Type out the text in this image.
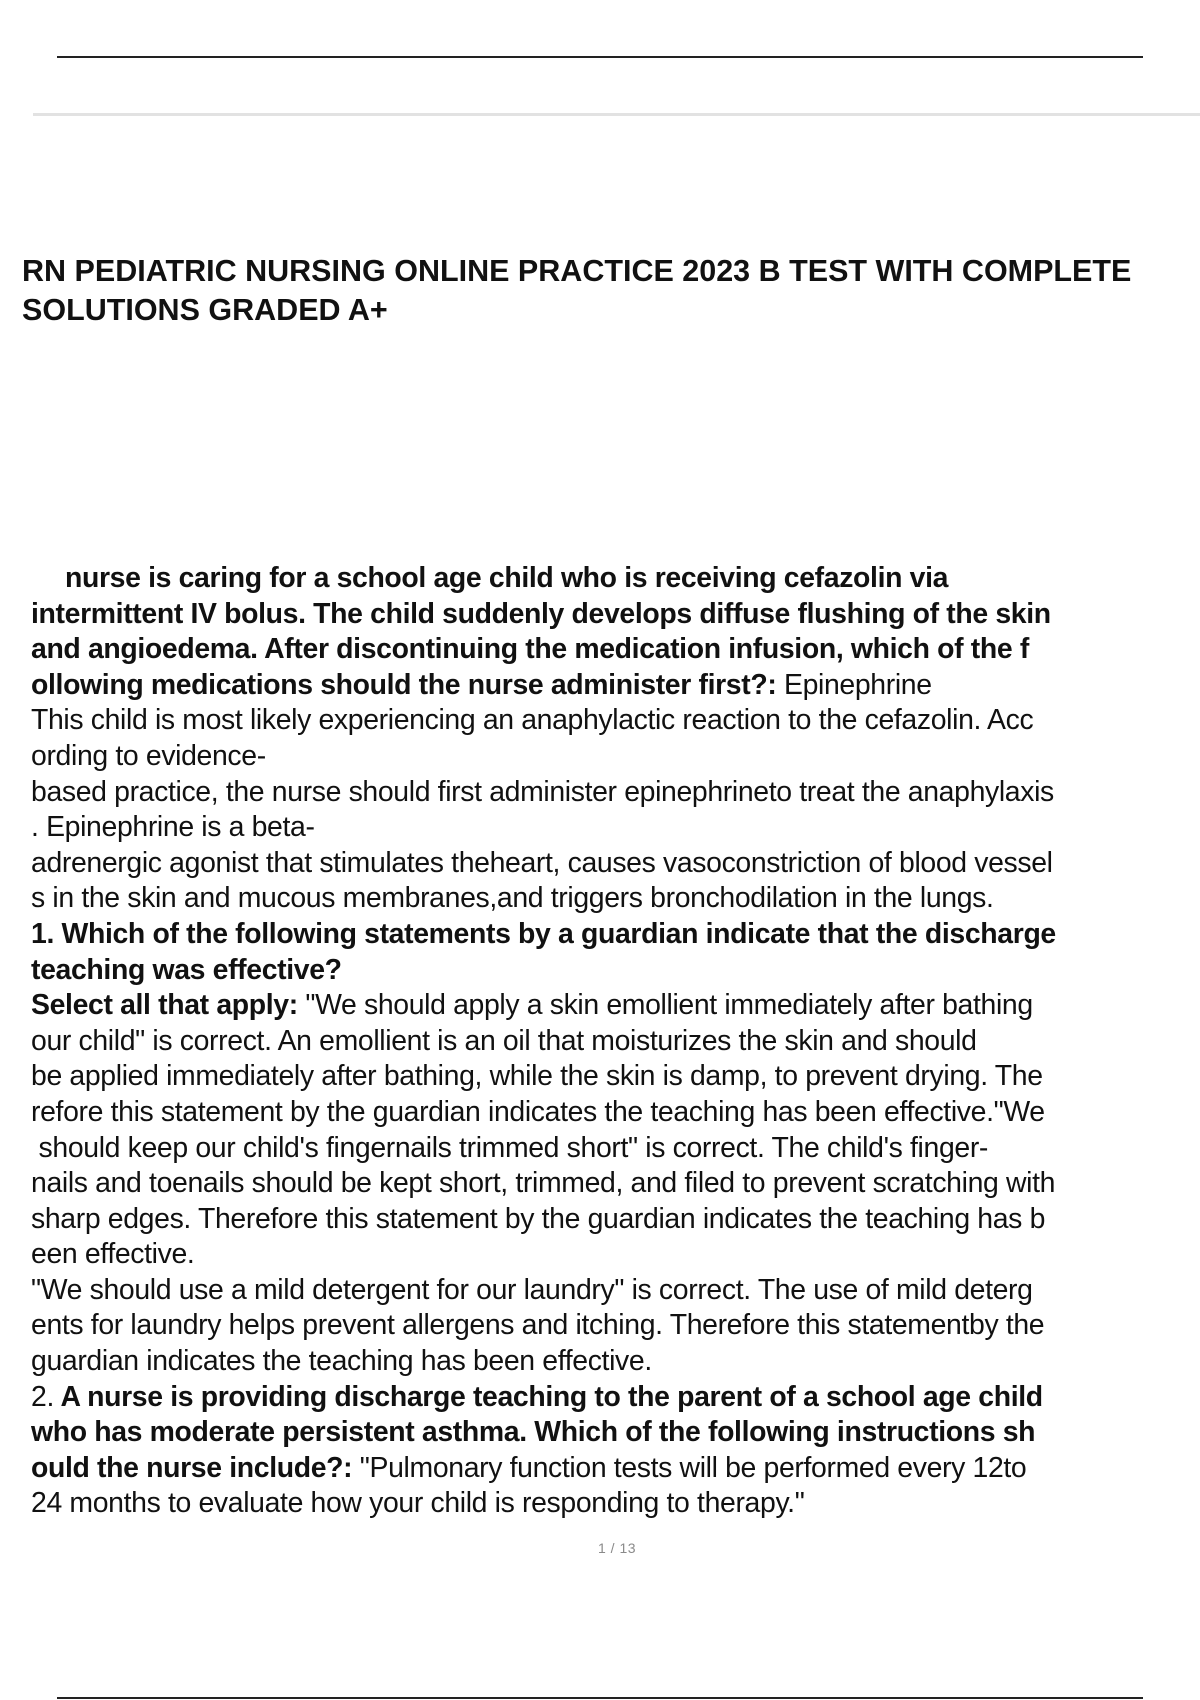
RN PEDIATRIC NURSING ONLINE PRACTICE 2023 B TEST WITH COMPLETE
SOLUTIONS GRADED A+
nurse is caring for a school age child who is receiving cefazolin via
intermittent IV bolus. The child suddenly develops diffuse flushing of the skin
and angioedema. After discontinuing the medication infusion, which of the f
ollowing medications should the nurse administer first?: Epinephrine
This child is most likely experiencing an anaphylactic reaction to the cefazolin. Acc
ording to evidence-
based practice, the nurse should first administer epinephrineto treat the anaphylaxis
. Epinephrine is a beta-
adrenergic agonist that stimulates theheart, causes vasoconstriction of blood vessel
s in the skin and mucous membranes,and triggers bronchodilation in the lungs.
1. Which of the following statements by a guardian indicate that the discharge
teaching was effective?
Select all that apply: "We should apply a skin emollient immediately after bathing
our child" is correct. An emollient is an oil that moisturizes the skin and should
be applied immediately after bathing, while the skin is damp, to prevent drying. The
refore this statement by the guardian indicates the teaching has been effective."We
should keep our child's fingernails trimmed short" is correct. The child's finger-
nails and toenails should be kept short, trimmed, and filed to prevent scratching with
sharp edges. Therefore this statement by the guardian indicates the teaching has b
een effective.
"We should use a mild detergent for our laundry" is correct. The use of mild deterg
ents for laundry helps prevent allergens and itching. Therefore this statementby the
guardian indicates the teaching has been effective.
2. A nurse is providing discharge teaching to the parent of a school age child
who has moderate persistent asthma. Which of the following instructions sh
ould the nurse include?: "Pulmonary function tests will be performed every 12to
24 months to evaluate how your child is responding to therapy."
1 / 13
